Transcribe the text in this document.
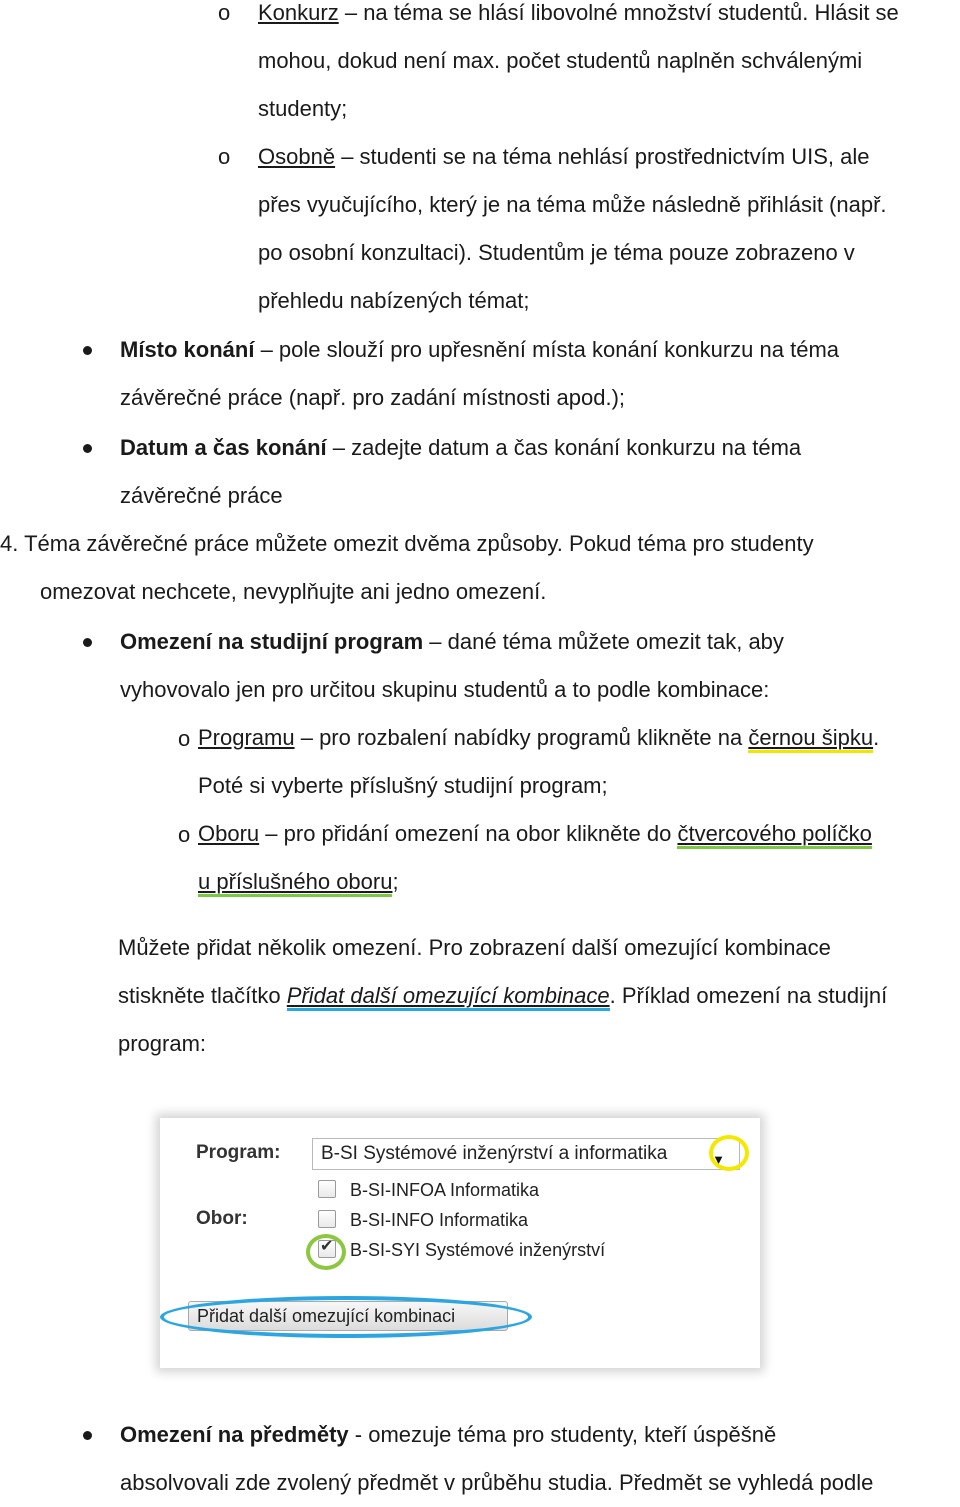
o Konkurz – na téma se hlásí libovolné množství studentů. Hlásit se
mohou, dokud není max. počet studentů naplněn schválenými
studenty;
o Osobně – studenti se na téma nehlásí prostřednictvím UIS, ale
přes vyučujícího, který je na téma může následně přihlásit (např.
po osobní konzultaci). Studentům je téma pouze zobrazeno v
přehledu nabízených témat;
Místo konání – pole slouží pro upřesnění místa konání konkurzu na téma
závěrečné práce (např. pro zadání místnosti apod.);
Datum a čas konání – zadejte datum a čas konání konkurzu na téma
závěrečné práce
4. Téma závěrečné práce můžete omezit dvěma způsoby. Pokud téma pro studenty
omezovat nechcete, nevyplňujte ani jedno omezení.
Omezení na studijní program – dané téma můžete omezit tak, aby
vyhovovalo jen pro určitou skupinu studentů a to podle kombinace:
o Programu – pro rozbalení nabídky programů klikněte na černou šipku.
Poté si vyberte příslušný studijní program;
o Oboru – pro přidání omezení na obor klikněte do čtvercového políčko
u příslušného oboru;
Můžete přidat několik omezení. Pro zobrazení další omezující kombinace
stiskněte tlačítko Přidat další omezující kombinace. Příklad omezení na studijní
program:
Program:	B-SI Systémové inženýrství a informatika	▼
Obor:
B-SI-INFOA Informatika
B-SI-INFO Informatika
✔B-SI-SYI Systémové inženýrství
Přidat další omezující kombinaci
Omezení na předměty - omezuje téma pro studenty, kteří úspěšně
absolvovali zde zvolený předmět v průběhu studia. Předmět se vyhledá podle
